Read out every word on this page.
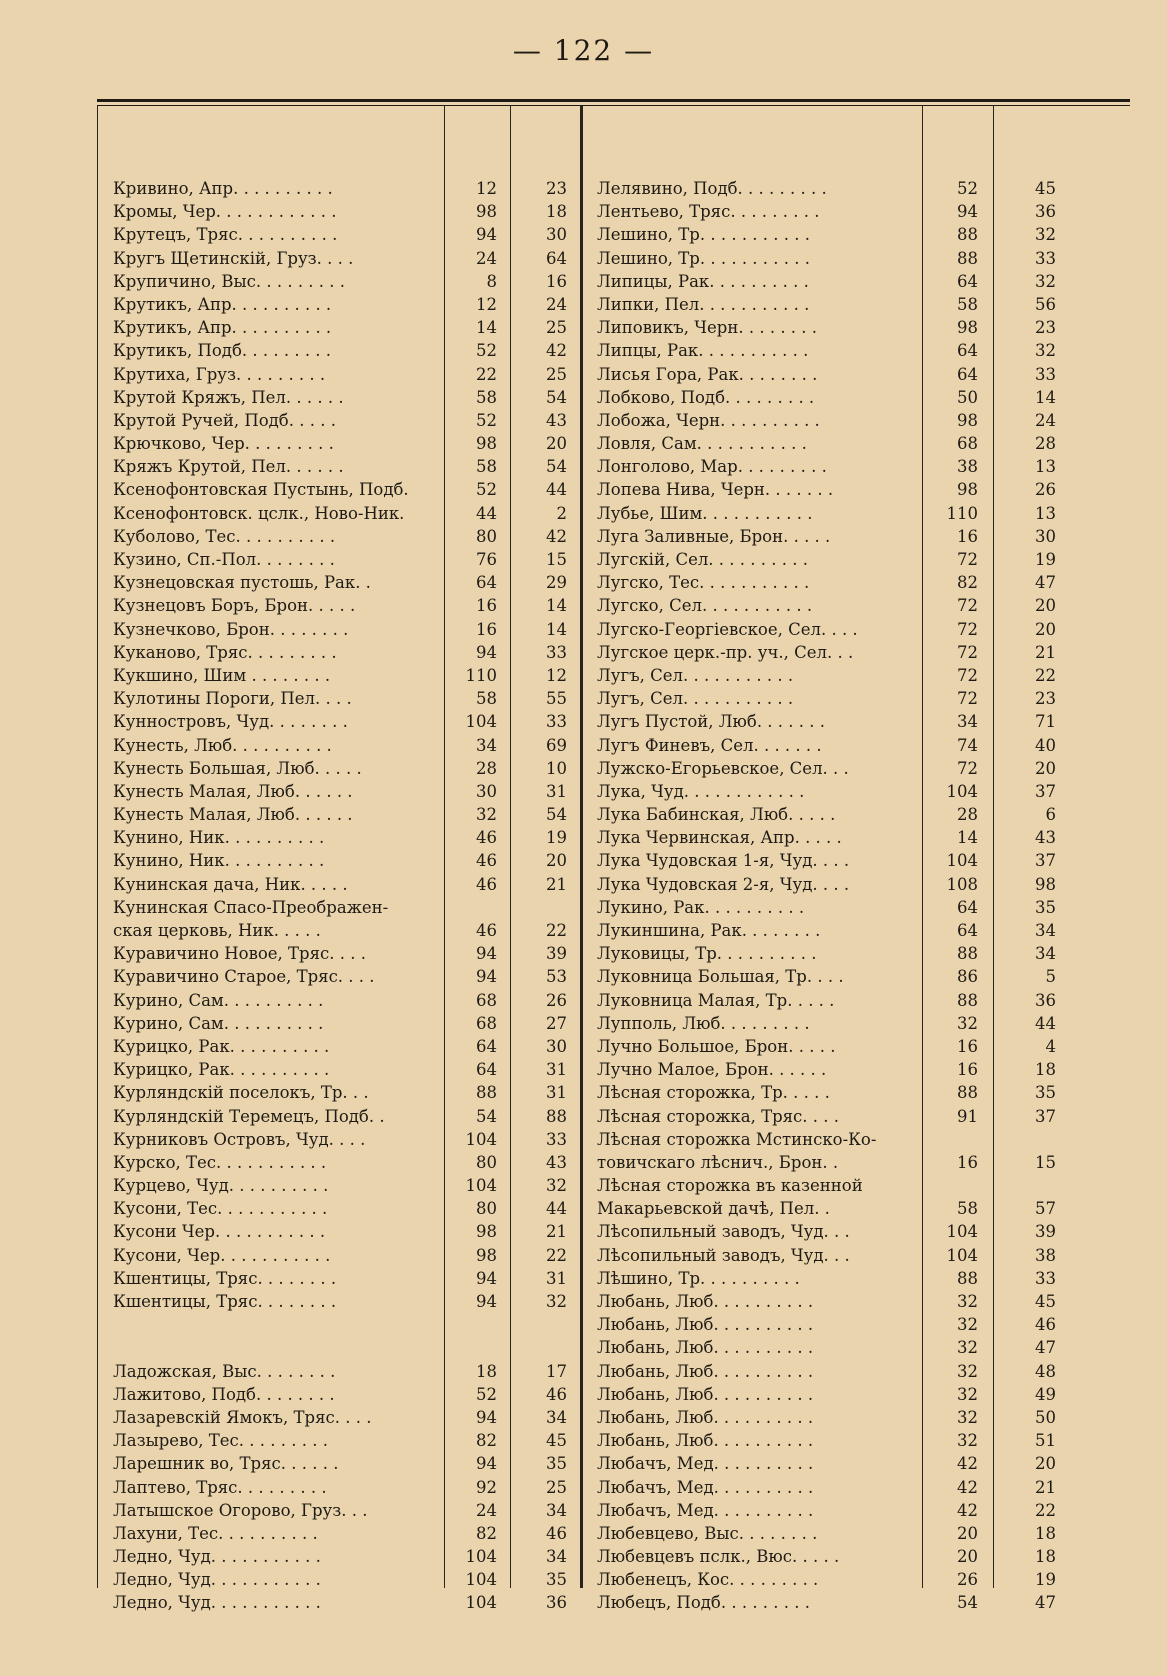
— 122 —
Кривино, Апр. . . . . . . . . .	12	23
Кромы, Чер. . . . . . . . . . . .	98	18
Крутецъ, Тряс. . . . . . . . . .	94	30
Кругъ Щетинскій, Груз. . . .	24	64
Крупичино, Выс. . . . . . . . .	8	16
Крутикъ, Апр. . . . . . . . . .	12	24
Крутикъ, Апр. . . . . . . . . .	14	25
Крутикъ, Подб. . . . . . . . .	52	42
Крутиха, Груз. . . . . . . . .	22	25
Крутой Кряжъ, Пел. . . . . .	58	54
Крутой Ручей, Подб. . . . .	52	43
Крючково, Чер. . . . . . . . .	98	20
Кряжъ Крутой, Пел. . . . . .	58	54
Ксенофонтовская Пустынь, Подб.	52	44
Ксенофонтовск. цслк., Ново-Ник.	44	2
Куболово, Тес. . . . . . . . . .	80	42
Кузино, Сп.-Пол. . . . . . . .	76	15
Кузнецовская пустошь, Рак. .	64	29
Кузнецовъ Боръ, Брон. . . . .	16	14
Кузнечково, Брон. . . . . . . .	16	14
Куканово, Тряс. . . . . . . . .	94	33
Кукшино, Шим . . . . . . . .	110	12
Кулотины Пороги, Пел. . . .	58	55
Кунностровъ, Чуд. . . . . . . .	104	33
Кунесть, Люб. . . . . . . . . .	34	69
Кунесть Большая, Люб. . . . .	28	10
Кунесть Малая, Люб. . . . . .	30	31
Кунесть Малая, Люб. . . . . .	32	54
Кунино, Ник. . . . . . . . . .	46	19
Кунино, Ник. . . . . . . . . .	46	20
Кунинская дача, Ник. . . . .	46	21
Кунинская Спасо-Преображен-
ская церковь, Ник. . . . .	46	22
Куравичино Новое, Тряс. . . .	94	39
Куравичино Старое, Тряс. . . .	94	53
Курино, Сам. . . . . . . . . .	68	26
Курино, Сам. . . . . . . . . .	68	27
Курицко, Рак. . . . . . . . . .	64	30
Курицко, Рак. . . . . . . . . .	64	31
Курляндскій поселокъ, Тр. . .	88	31
Курляндскій Теремецъ, Подб. .	54	88
Курниковъ Островъ, Чуд. . . .	104	33
Курско, Тес. . . . . . . . . . .	80	43
Курцево, Чуд. . . . . . . . . .	104	32
Кусони, Тес. . . . . . . . . . .	80	44
Кусони Чер. . . . . . . . . . .	98	21
Кусони, Чер. . . . . . . . . . .	98	22
Кшентицы, Тряс. . . . . . . .	94	31
Кшентицы, Тряс. . . . . . . .	94	32
Ладожская, Выс. . . . . . . .	18	17
Лажитово, Подб. . . . . . . .	52	46
Лазаревскій Ямокъ, Тряс. . . .	94	34
Лазырево, Тес. . . . . . . . .	82	45
Ларешник во, Тряс. . . . . .	94	35
Лаптево, Тряс. . . . . . . . .	92	25
Латышское Огорово, Груз. . .	24	34
Лахуни, Тес. . . . . . . . . .	82	46
Ледно, Чуд. . . . . . . . . . .	104	34
Ледно, Чуд. . . . . . . . . . .	104	35
Ледно, Чуд. . . . . . . . . . .	104	36
Лелявино, Подб. . . . . . . . .	52	45
Лентьево, Тряс. . . . . . . . .	94	36
Лешино, Тр. . . . . . . . . . .	88	32
Лешино, Тр. . . . . . . . . . .	88	33
Липицы, Рак. . . . . . . . . .	64	32
Липки, Пел. . . . . . . . . . .	58	56
Липовикъ, Черн. . . . . . . .	98	23
Липцы, Рак. . . . . . . . . . .	64	32
Лисья Гора, Рак. . . . . . . .	64	33
Лобково, Подб. . . . . . . . .	50	14
Лобожа, Черн. . . . . . . . . .	98	24
Ловля, Сам. . . . . . . . . . .	68	28
Лонголово, Мар. . . . . . . . .	38	13
Лопева Нива, Черн. . . . . . .	98	26
Лубье, Шим. . . . . . . . . . .	110	13
Луга Заливные, Брон. . . . .	16	30
Лугскій, Сел. . . . . . . . . .	72	19
Лугско, Тес. . . . . . . . . . .	82	47
Лугско, Сел. . . . . . . . . . .	72	20
Лугско-Георгіевское, Сел. . . .	72	20
Лугское церк.-пр. уч., Сел. . .	72	21
Лугъ, Сел. . . . . . . . . . .	72	22
Лугъ, Сел. . . . . . . . . . .	72	23
Лугъ Пустой, Люб. . . . . . .	34	71
Лугъ Финевъ, Сел. . . . . . .	74	40
Лужско-Егорьевское, Сел. . .	72	20
Лука, Чуд. . . . . . . . . . . .	104	37
Лука Бабинская, Люб. . . . .	28	6
Лука Червинская, Апр. . . . .	14	43
Лука Чудовская 1-я, Чуд. . . .	104	37
Лука Чудовская 2-я, Чуд. . . .	108	98
Лукино, Рак. . . . . . . . . .	64	35
Лукиншина, Рак. . . . . . . .	64	34
Луковицы, Тр. . . . . . . . . .	88	34
Луковница Большая, Тр. . . .	86	5
Луковница Малая, Тр. . . . .	88	36
Лупполь, Люб. . . . . . . . .	32	44
Лучно Большое, Брон. . . . .	16	4
Лучно Малое, Брон. . . . . .	16	18
Лѣсная сторожка, Тр. . . . .	88	35
Лѣсная сторожка, Тряс. . . .	91	37
Лѣсная сторожка Мстинско-Ко-
товичскаго лѣснич., Брон. .	16	15
Лѣсная сторожка въ казенной
Макарьевской дачѣ, Пел. .	58	57
Лѣсопильный заводъ, Чуд. . .	104	39
Лѣсопильный заводъ, Чуд. . .	104	38
Лѣшино, Тр. . . . . . . . . .	88	33
Любань, Люб. . . . . . . . . .	32	45
Любань, Люб. . . . . . . . . .	32	46
Любань, Люб. . . . . . . . . .	32	47
Любань, Люб. . . . . . . . . .	32	48
Любань, Люб. . . . . . . . . .	32	49
Любань, Люб. . . . . . . . . .	32	50
Любань, Люб. . . . . . . . . .	32	51
Любачъ, Мед. . . . . . . . . .	42	20
Любачъ, Мед. . . . . . . . . .	42	21
Любачъ, Мед. . . . . . . . . .	42	22
Любевцево, Выс. . . . . . . .	20	18
Любевцевъ пслк., Вюс. . . . .	20	18
Любенецъ, Кос. . . . . . . . .	26	19
Любецъ, Подб. . . . . . . . .	54	47
